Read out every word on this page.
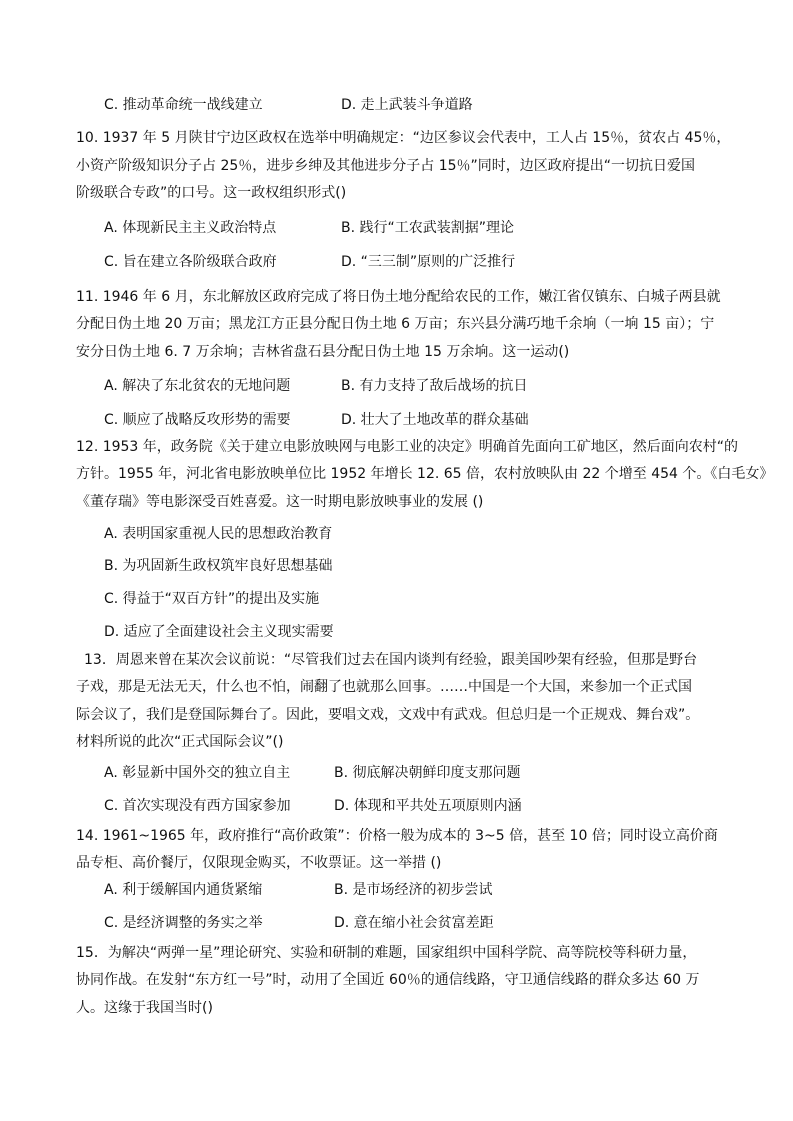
C. 推动革命统一战线建立	D. 走上武装斗争道路
10. 1937 年 5 月陕甘宁边区政权在选举中明确规定：“边区参议会代表中，工人占 15％，贫农占 45％，
小资产阶级知识分子占 25％，进步乡绅及其他进步分子占 15％”同时，边区政府提出“一切抗日爱国
阶级联合专政”的口号。这一政权组织形式()
A. 体现新民主主义政治特点	B. 践行“工农武装割据”理论
C. 旨在建立各阶级联合政府	D. “三三制”原则的广泛推行
11. 1946 年 6 月，东北解放区政府完成了将日伪土地分配给农民的工作，嫩江省仅镇东、白城子两县就
分配日伪土地 20 万亩；黑龙江方正县分配日伪土地 6 万亩；东兴县分满巧地千余垧（一垧 15 亩）；宁
安分日伪土地 6. 7 万余垧；吉林省盘石县分配日伪土地 15 万余垧。这一运动()
A. 解决了东北贫农的无地问题	B. 有力支持了敌后战场的抗日
C. 顺应了战略反攻形势的需要	D. 壮大了土地改革的群众基础
12. 1953 年，政务院《关于建立电影放映网与电影工业的决定》明确首先面向工矿地区，然后面向农村“的
方针。1955 年，河北省电影放映单位比 1952 年增长 12. 65 倍，农村放映队由 22 个增至 454 个。《白毛女》
《董存瑞》等电影深受百姓喜爱。这一时期电影放映事业的发展 ()
A. 表明国家重视人民的思想政治教育
B. 为巩固新生政权筑牢良好思想基础
C. 得益于“双百方针”的提出及实施
D. 适应了全面建设社会主义现实需要
13．周恩来曾在某次会议前说：“尽管我们过去在国内谈判有经验，跟美国吵架有经验，但那是野台
子戏，那是无法无天，什么也不怕，闹翻了也就那么回事。……中国是一个大国，来参加一个正式国
际会议了，我们是登国际舞台了。因此，要唱文戏，文戏中有武戏。但总归是一个正规戏、舞台戏”。
材料所说的此次“正式国际会议”()
A. 彰显新中国外交的独立自主	B. 彻底解决朝鲜印度支那问题
C. 首次实现没有西方国家参加	D. 体现和平共处五项原则内涵
14. 1961~1965 年，政府推行“高价政策”：价格一般为成本的 3~5 倍，甚至 10 倍；同时设立高价商
品专柜、高价餐厅，仅限现金购买，不收票证。这一举措 ()
A. 利于缓解国内通货紧缩	B. 是市场经济的初步尝试
C. 是经济调整的务实之举	D. 意在缩小社会贫富差距
15．为解决“两弹一星”理论研究、实验和研制的难题，国家组织中国科学院、高等院校等科研力量，
协同作战。在发射“东方红一号”时，动用了全国近 60％的通信线路，守卫通信线路的群众多达 60 万
人。这缘于我国当时()
